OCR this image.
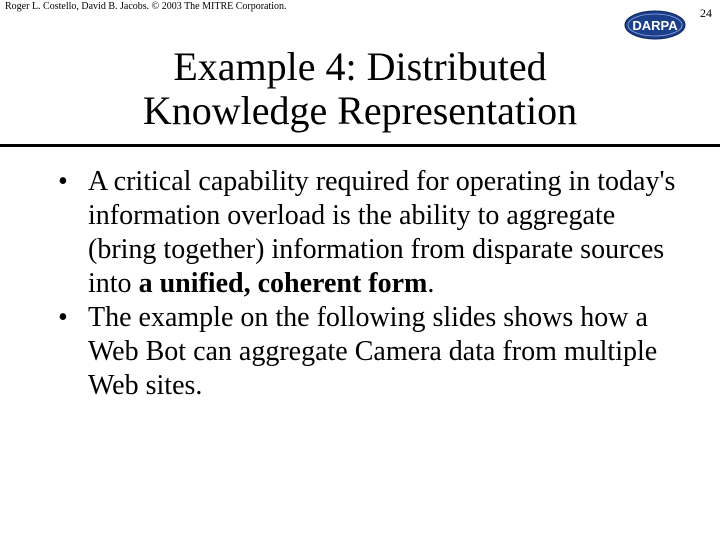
Roger L. Costello, David B. Jacobs. © 2003 The MITRE Corporation.
DARPA
24
Example 4: Distributed
Knowledge Representation
• A critical capability required for operating in today's information overload is the ability to aggregate (bring together) information from disparate sources into a unified, coherent form.
• The example on the following slides shows how a Web Bot can aggregate Camera data from multiple Web sites.
